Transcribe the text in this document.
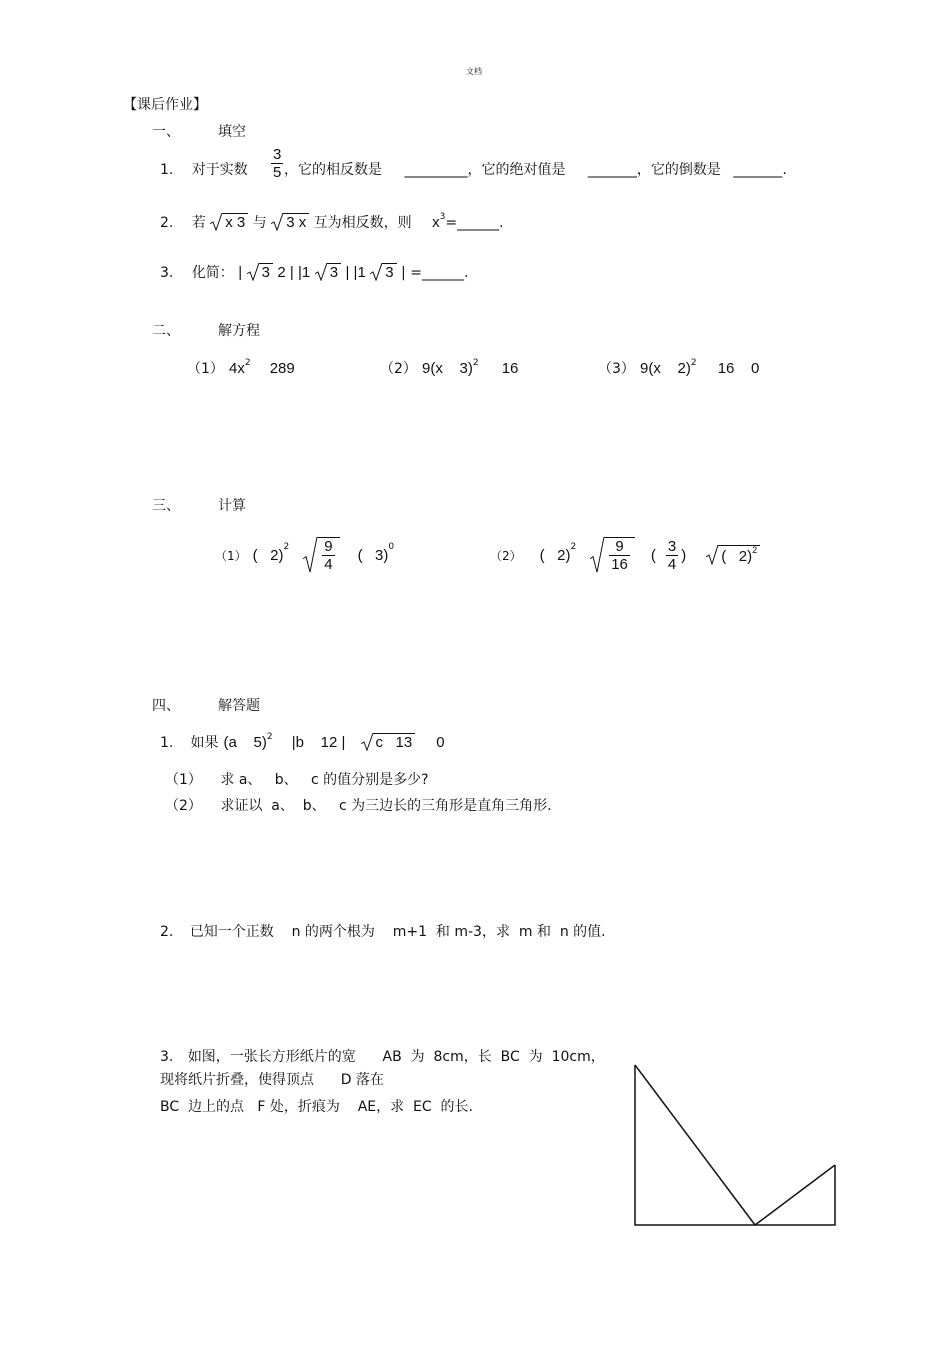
文档
【课后作业】
一、	填空
1. 对于实数 $\frac{3}{5}$ ，它的相反数是 _________，它的绝对值是 _______，它的倒数是 _______.
2. 若 x 3 与 3 x 互为相反数，则 $x^3=\_\_\_\_\_\_$.
3. 化简： | 3 2 | |1 3 | |1 3 | =______.
二、	解方程
（1） $4x^2$ 289	（2） 9(x    3)$^2$ 16	（3） 9(x    2)$^2$ 16    0
三、	计算
（1） (   2) $2 \frac{9}{4}$ (   3) 0
（2） (   2) $2 \frac{9}{16}$ ( $\frac{3}{4}$ )	(   2)$^2$
四、	解答题
1. 如果 (a    5)$^2$ |b    12 | c   13 0
（1） 求 a、   b、   c 的值分别是多少?
（2） 求证以  a、  b、   c 为三边长的三角形是直角三角形.
2. 已知一个正数    n 的两个根为    m+1  和 m-3，求  m 和  n 的值.
3. 如图，一张长方形纸片的宽      AB  为  8cm，长  BC  为  10cm，
现将纸片折叠，使得顶点      D 落在
BC  边上的点   F 处，折痕为    AE，求  EC  的长.
